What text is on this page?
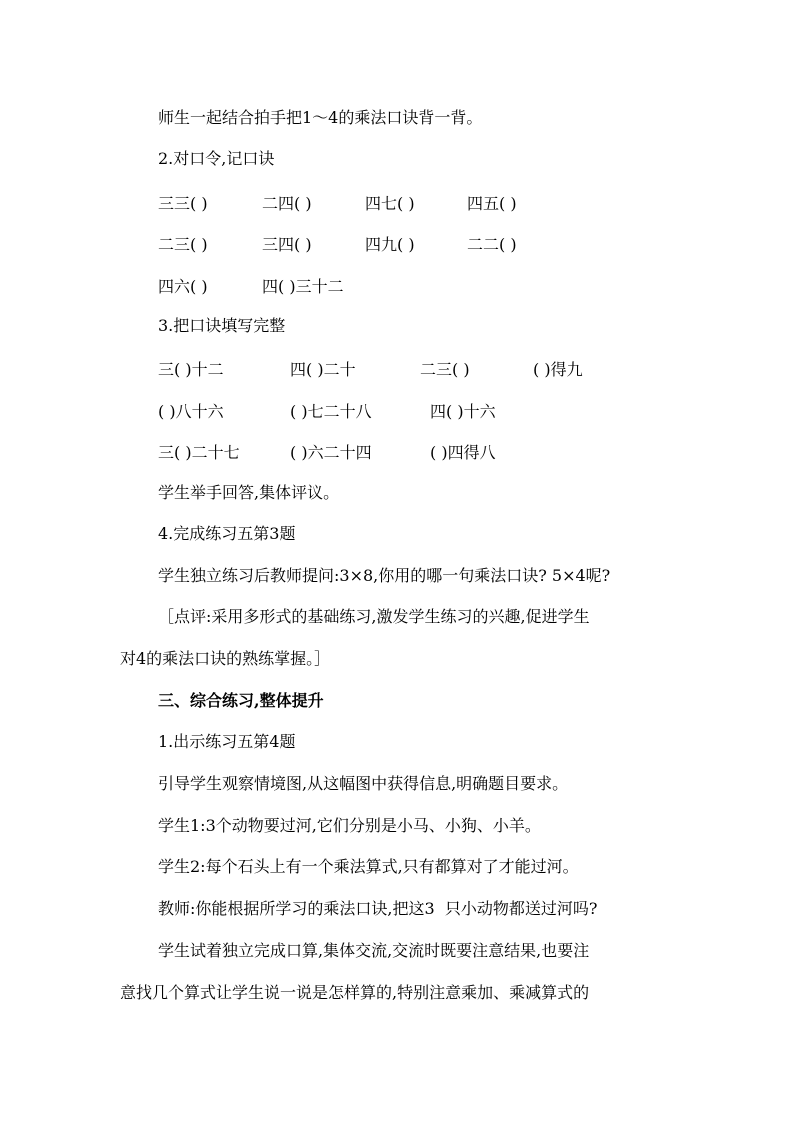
师生一起结合拍手把1～4的乘法口诀背一背。
2.对口令,记口诀
三三( )	二四( )	四七( )	四五( )
二三( )	三四( )	四九( )	二二( )
四六( )	四( )三十二
3.把口诀填写完整
三( )十二	四( )二十	二三( )	( )得九
( )八十六	( )七二十八	四( )十六
三( )二十七	( )六二十四	( )四得八
学生举手回答,集体评议。
4.完成练习五第3题
学生独立练习后教师提问:3×8,你用的哪一句乘法口诀? 5×4呢?
［点评:采用多形式的基础练习,激发学生练习的兴趣,促进学生
对4的乘法口诀的熟练掌握。］
三、综合练习,整体提升
1.出示练习五第4题
引导学生观察情境图,从这幅图中获得信息,明确题目要求。
学生1:3个动物要过河,它们分别是小马、小狗、小羊。
学生2:每个石头上有一个乘法算式,只有都算对了才能过河。
教师:你能根据所学习的乘法口诀,把这3  只小动物都送过河吗?
学生试着独立完成口算,集体交流,交流时既要注意结果,也要注
意找几个算式让学生说一说是怎样算的,特别注意乘加、乘减算式的
